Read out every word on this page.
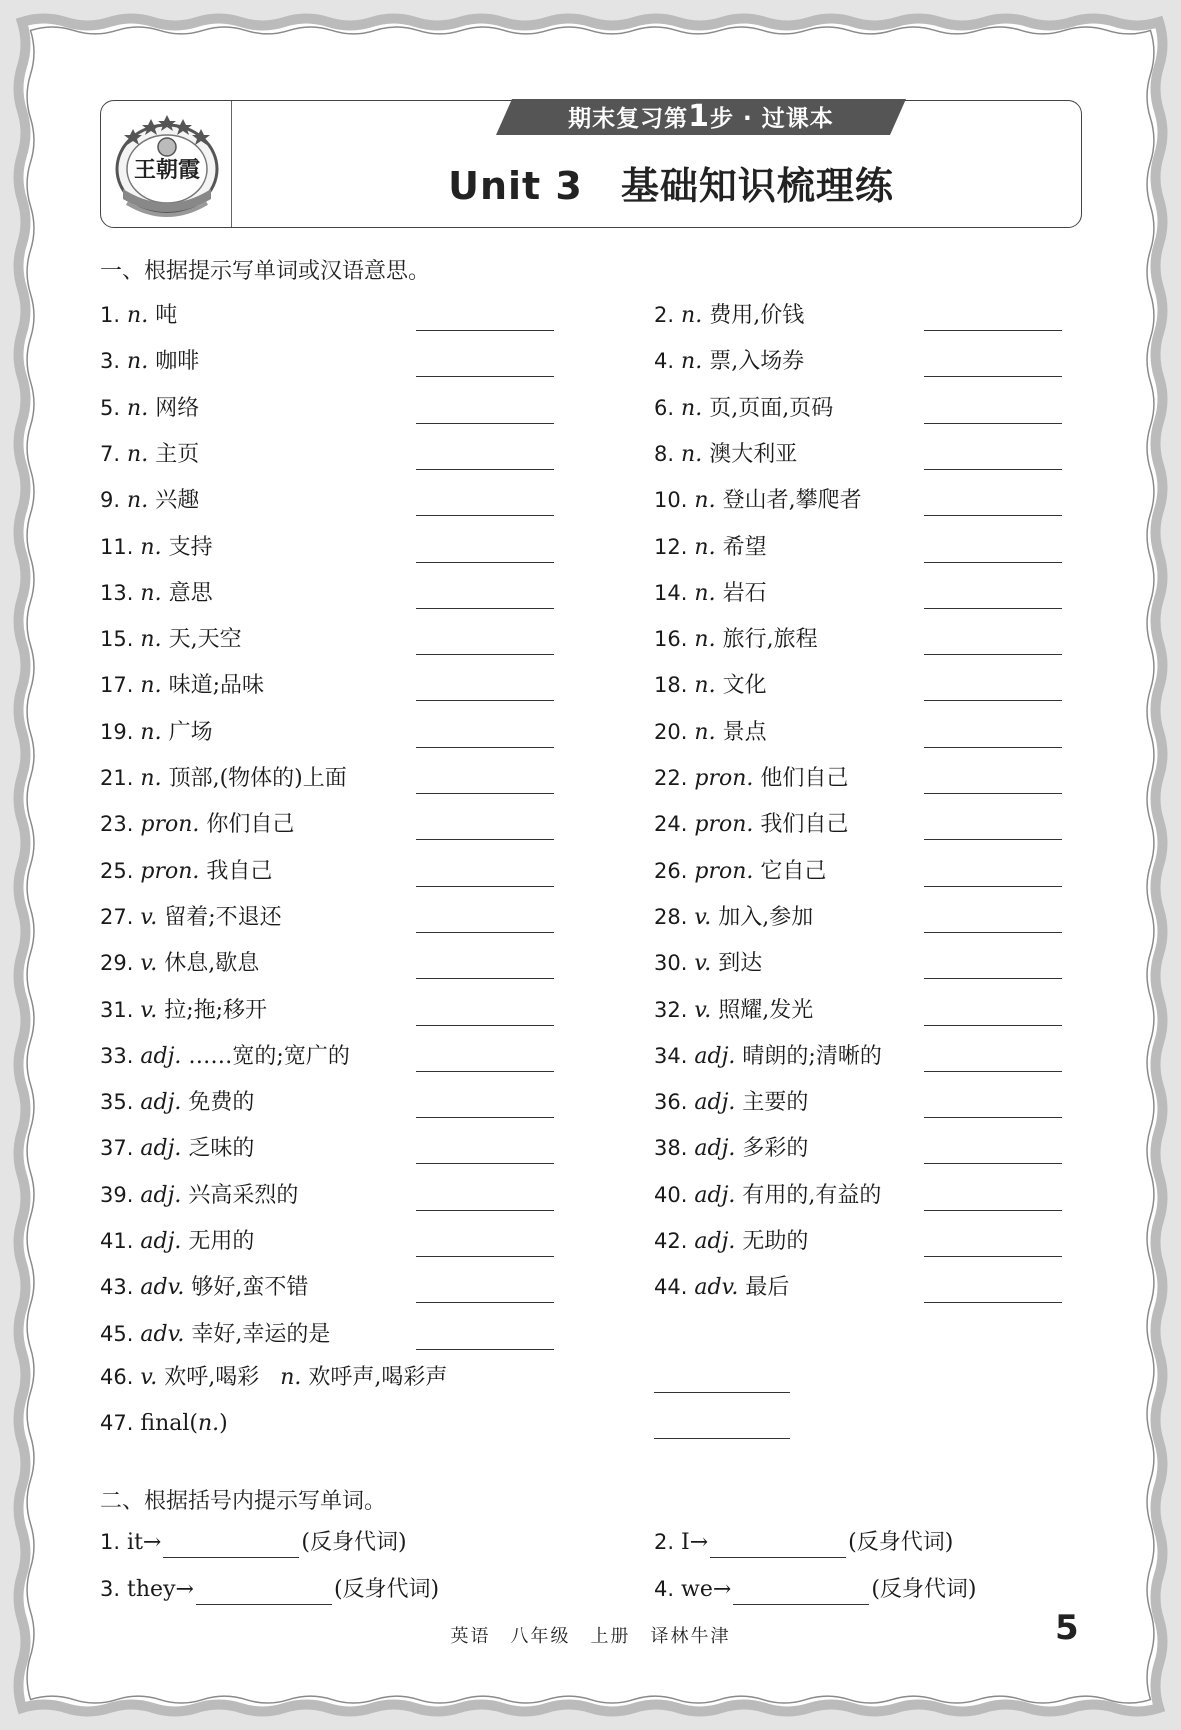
王朝霞
期末复习第1步 · 过课本
Unit 3 基础知识梳理练
一、根据提示写单词或汉语意思。
1. n. 吨	2. n. 费用,价钱
3. n. 咖啡	4. n. 票,入场券
5. n. 网络	6. n. 页,页面,页码
7. n. 主页	8. n. 澳大利亚
9. n. 兴趣	10. n. 登山者,攀爬者
11. n. 支持	12. n. 希望
13. n. 意思	14. n. 岩石
15. n. 天,天空	16. n. 旅行,旅程
17. n. 味道;品味	18. n. 文化
19. n. 广场	20. n. 景点
21. n. 顶部,(物体的)上面	22. pron. 他们自己
23. pron. 你们自己	24. pron. 我们自己
25. pron. 我自己	26. pron. 它自己
27. v. 留着;不退还	28. v. 加入,参加
29. v. 休息,歇息	30. v. 到达
31. v. 拉;拖;移开	32. v. 照耀,发光
33. adj. ……宽的;宽广的	34. adj. 晴朗的;清晰的
35. adj. 免费的	36. adj. 主要的
37. adj. 乏味的	38. adj. 多彩的
39. adj. 兴高采烈的	40. adj. 有用的,有益的
41. adj. 无用的	42. adj. 无助的
43. adv. 够好,蛮不错	44. adv. 最后
45. adv. 幸好,幸运的是
46. v. 欢呼,喝彩 n. 欢呼声,喝彩声
47. final(n.)
二、根据括号内提示写单词。
1. it→	(反身代词)	2. I→	(反身代词)
3. they→	(反身代词)	4. we→	(反身代词)
英语　八年级　上册　译林牛津	5
